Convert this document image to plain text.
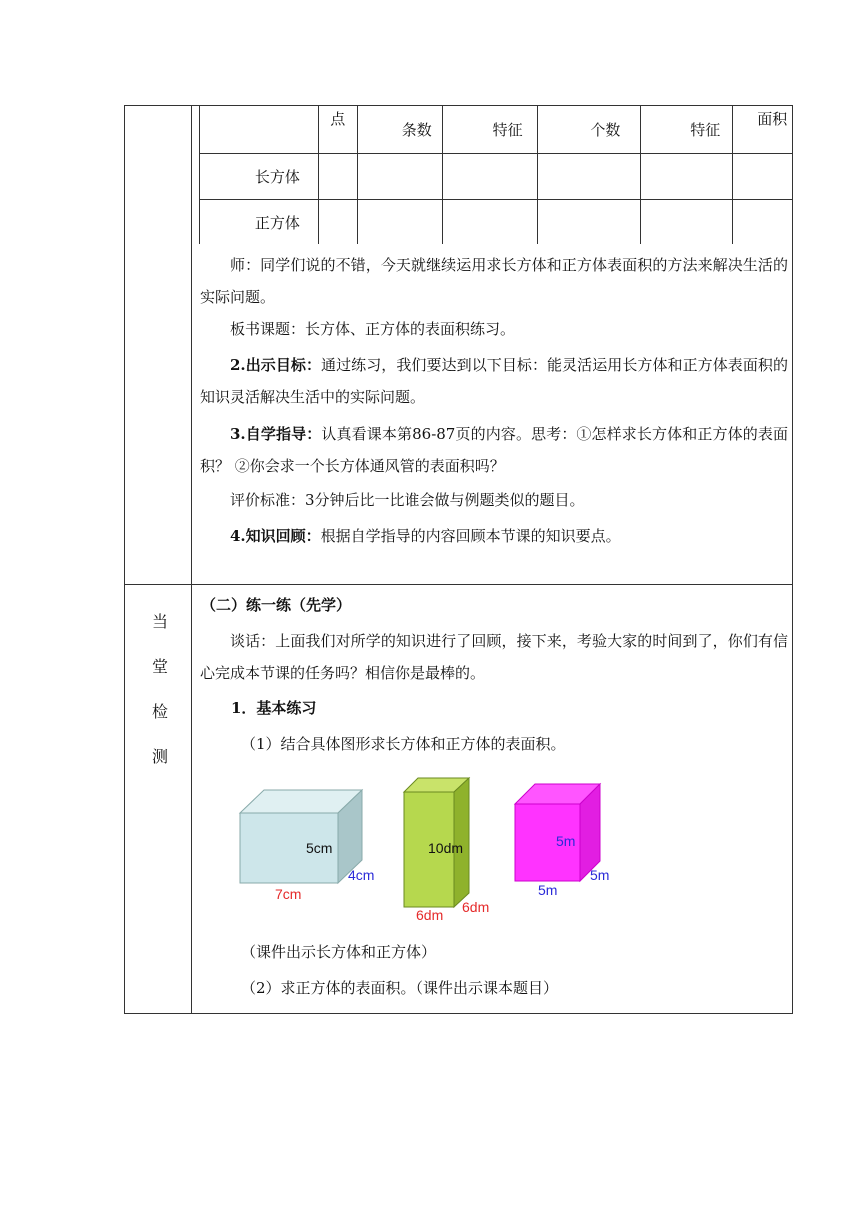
	点	条数	特征	个数	特征	面积
长方体						
正方体						

师：同学们说的不错，今天就继续运用求长方体和正方体表面积的方法来解决生活的实际问题。

板书课题：长方体、正方体的表面积练习。

2.出示目标：通过练习，我们要达到以下目标：能灵活运用长方体和正方体表面积的知识灵活解决生活中的实际问题。

3.自学指导：认真看课本第86-87页的内容。思考：①怎样求长方体和正方体的表面积？ ②你会求一个长方体通风管的表面积吗？

评价标准：3分钟后比一比谁会做与例题类似的题目。

4.知识回顾：根据自学指导的内容回顾本节课的知识要点。

当
堂
检
测

（二）练一练（先学）

谈话：上面我们对所学的知识进行了回顾，接下来，考验大家的时间到了，你们有信心完成本节课的任务吗？相信你是最棒的。

1．基本练习

（1）结合具体图形求长方体和正方体的表面积。

5cm
4cm
7cm
10dm
6dm
6dm
5m
5m
5m

（课件出示长方体和正方体）

（2）求正方体的表面积。（课件出示课本题目）
